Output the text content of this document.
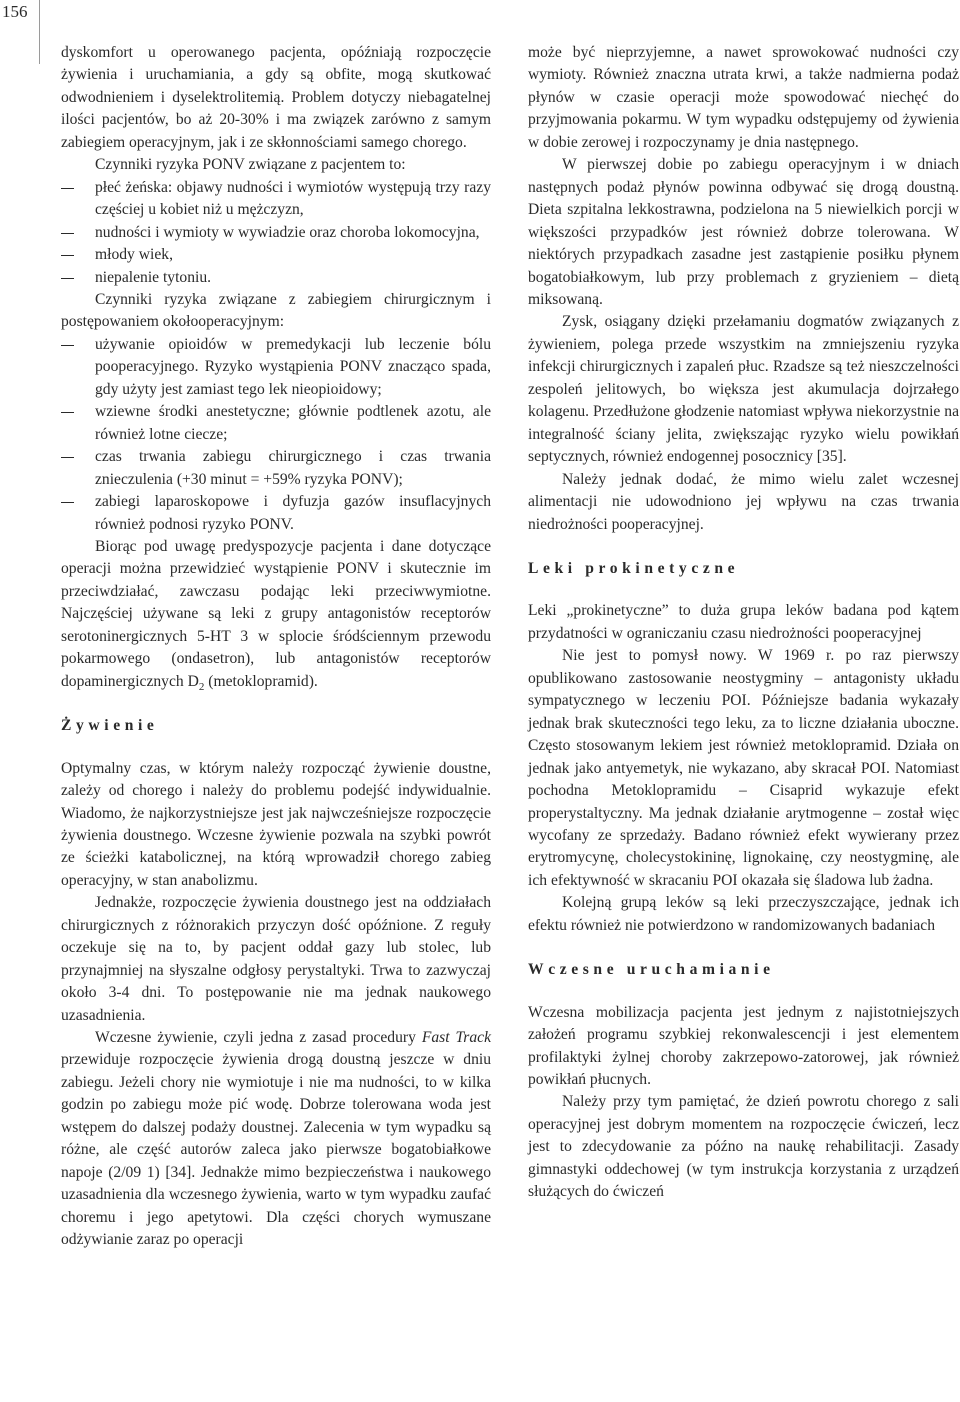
156

dyskomfort u operowanego pacjenta, opóźniają rozpoczęcie żywienia i uruchamiania, a gdy są obfite, mogą skutkować odwodnieniem i dyselektrolitemią. Problem dotyczy niebagatelnej ilości pacjentów, bo aż 20-30% i ma związek zarówno z samym zabiegiem operacyjnym, jak i ze skłonnościami samego chorego.

Czynniki ryzyka PONV związane z pacjentem to:

płeć żeńska: objawy nudności i wymiotów występują trzy razy częściej u kobiet niż u mężczyzn,

nudności i wymioty w wywiadzie oraz choroba lokomocyjna,

młody wiek,

niepalenie tytoniu.

Czynniki ryzyka związane z zabiegiem chirurgicznym i postępowaniem okołooperacyjnym:

używanie opioidów w premedykacji lub leczenie bólu pooperacyjnego. Ryzyko wystąpienia PONV znacząco spada, gdy użyty jest zamiast tego lek nieopioidowy;

wziewne środki anestetyczne; głównie podtlenek azotu, ale również lotne ciecze;

czas trwania zabiegu chirurgicznego i czas trwania znieczulenia (+30 minut = +59% ryzyka PONV);

zabiegi laparoskopowe i dyfuzja gazów insuflacyjnych również podnosi ryzyko PONV.

Biorąc pod uwagę predyspozycje pacjenta i dane dotyczące operacji można przewidzieć wystąpienie PONV i skutecznie im przeciwdziałać, zawczasu podając leki przeciwwymiotne. Najczęściej używane są leki z grupy antagonistów receptorów serotoninergicznych 5-HT 3 w splocie śródściennym przewodu pokarmowego (ondasetron), lub antagonistów receptorów dopaminergicznych $D_2$ (metoklopramid).

Żywienie

Optymalny czas, w którym należy rozpocząć żywienie doustne, zależy od chorego i należy do problemu podejść indywidualnie. Wiadomo, że najkorzystniejsze jest jak najwcześniejsze rozpoczęcie żywienia doustnego. Wczesne żywienie pozwala na szybki powrót ze ścieżki katabolicznej, na którą wprowadził chorego zabieg operacyjny, w stan anabolizmu.

Jednakże, rozpoczęcie żywienia doustnego jest na oddziałach chirurgicznych z różnorakich przyczyn dość opóźnione. Z reguły oczekuje się na to, by pacjent oddał gazy lub stolec, lub przynajmniej na słyszalne odgłosy perystaltyki. Trwa to zazwyczaj około 3-4 dni. To postępowanie nie ma jednak naukowego uzasadnienia.

Wczesne żywienie, czyli jedna z zasad procedury Fast Track przewiduje rozpoczęcie żywienia drogą doustną jeszcze w dniu zabiegu. Jeżeli chory nie wymiotuje i nie ma nudności, to w kilka godzin po zabiegu może pić wodę. Dobrze tolerowana woda jest wstępem do dalszej podaży doustnej. Zalecenia w tym wypadku są różne, ale część autorów zaleca jako pierwsze bogatobiałkowe napoje (2/09 1) [34]. Jednakże mimo bezpieczeństwa i naukowego uzasadnienia dla wczesnego żywienia, warto w tym wypadku zaufać choremu i jego apetytowi. Dla części chorych wymuszane odżywianie zaraz po operacji

może być nieprzyjemne, a nawet sprowokować nudności czy wymioty. Również znaczna utrata krwi, a także nadmierna podaż płynów w czasie operacji może spowodować niechęć do przyjmowania pokarmu. W tym wypadku odstępujemy od żywienia w dobie zerowej i rozpoczynamy je dnia następnego.

W pierwszej dobie po zabiegu operacyjnym i w dniach następnych podaż płynów powinna odbywać się drogą doustną. Dieta szpitalna lekkostrawna, podzielona na 5 niewielkich porcji w większości przypadków jest również dobrze tolerowana. W niektórych przypadkach zasadne jest zastąpienie posiłku płynem bogatobiałkowym, lub przy problemach z gryzieniem – dietą miksowaną.

Zysk, osiągany dzięki przełamaniu dogmatów związanych z żywieniem, polega przede wszystkim na zmniejszeniu ryzyka infekcji chirurgicznych i zapaleń płuc. Rzadsze są też nieszczelności zespoleń jelitowych, bo większa jest akumulacja dojrzałego kolagenu. Przedłużone głodzenie natomiast wpływa niekorzystnie na integralność ściany jelita, zwiększając ryzyko wielu powikłań septycznych, również endogennej posocznicy [35].

Należy jednak dodać, że mimo wielu zalet wczesnej alimentacji nie udowodniono jej wpływu na czas trwania niedrożności pooperacyjnej.

Leki prokinetyczne

Leki „prokinetyczne” to duża grupa leków badana pod kątem przydatności w ograniczaniu czasu niedrożności pooperacyjnej

Nie jest to pomysł nowy. W 1969 r. po raz pierwszy opublikowano zastosowanie neostygminy – antagonisty układu sympatycznego w leczeniu POI. Późniejsze badania wykazały jednak brak skuteczności tego leku, za to liczne działania uboczne. Często stosowanym lekiem jest również metoklopramid. Działa on jednak jako antyemetyk, nie wykazano, aby skracał POI. Natomiast pochodna Metoklopramidu – Cisaprid wykazuje efekt properystaltyczny. Ma jednak działanie arytmogenne – został więc wycofany ze sprzedaży. Badano również efekt wywierany przez erytromycynę, cholecystokininę, lignokainę, czy neostygminę, ale ich efektywność w skracaniu POI okazała się śladowa lub żadna.

Kolejną grupą leków są leki przeczyszczające, jednak ich efektu również nie potwierdzono w randomizowanych badaniach

Wczesne uruchamianie

Wczesna mobilizacja pacjenta jest jednym z najistotniejszych założeń programu szybkiej rekonwalescencji i jest elementem profilaktyki żylnej choroby zakrzepowo-zatorowej, jak również powikłań płucnych.

Należy przy tym pamiętać, że dzień powrotu chorego z sali operacyjnej jest dobrym momentem na rozpoczęcie ćwiczeń, lecz jest to zdecydowanie za późno na naukę rehabilitacji. Zasady gimnastyki oddechowej (w tym instrukcja korzystania z urządzeń służących do ćwiczeń
